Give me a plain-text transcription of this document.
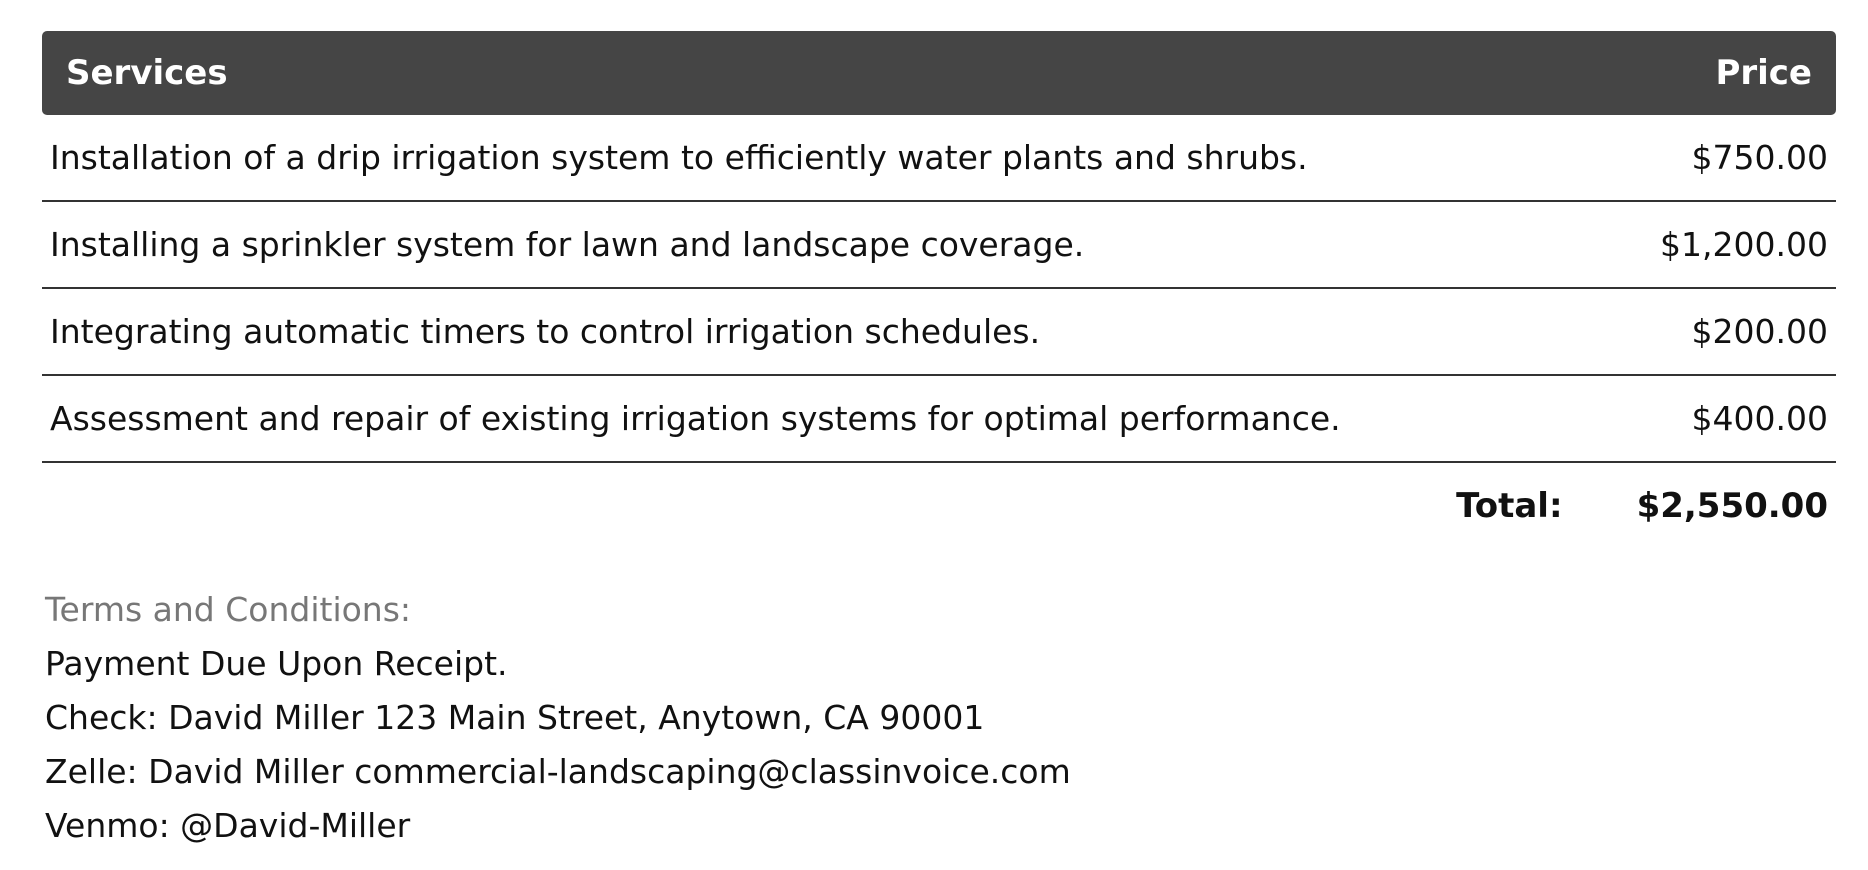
Services	Price
Installation of a drip irrigation system to efficiently water plants and shrubs.	$750.00
Installing a sprinkler system for lawn and landscape coverage.	$1,200.00
Integrating automatic timers to control irrigation schedules.	$200.00
Assessment and repair of existing irrigation systems for optimal performance.	$400.00
Total: $2,550.00
Terms and Conditions:
Payment Due Upon Receipt.
Check: David Miller 123 Main Street, Anytown, CA 90001
Zelle: David Miller commercial-landscaping@classinvoice.com
Venmo: @David-Miller
